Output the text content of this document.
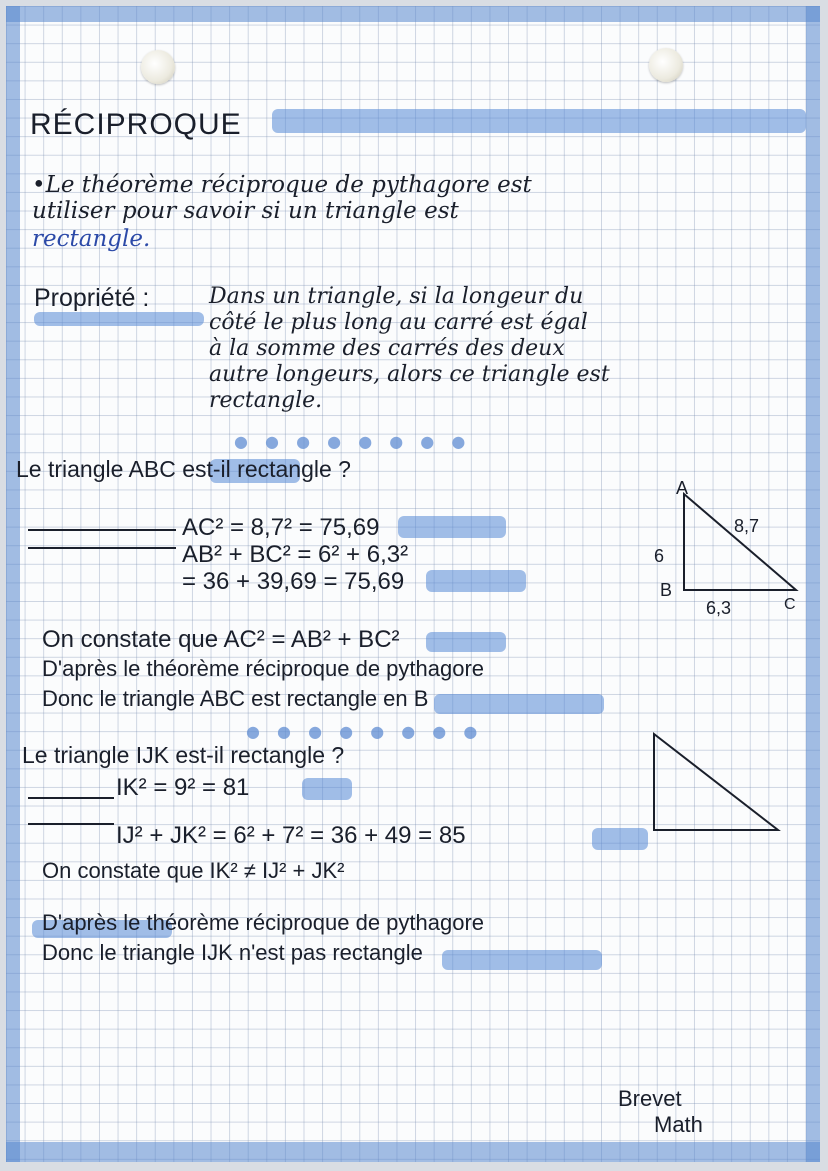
RÉCIPROQUE
•Le théorème réciproque de pythagore est
utiliser pour savoir si un triangle est
rectangle.
Propriété :	Dans un triangle, si la longeur du
côté le plus long au carré est égal
à la somme des carrés des deux
autre longeurs, alors ce triangle est
rectangle.
● ● ● ● ● ● ● ●
Le triangle ABC est-il rectangle ?
AC² = 8,7² = 75,69
AB² + BC² = 6² + 6,3²
= 36 + 39,69 = 75,69
A
B
C
6
8,7
6,3
On constate que AC² = AB² + BC²
D'après le théorème réciproque de pythagore
Donc le triangle ABC est rectangle en B
● ● ● ● ● ● ● ●
Le triangle IJK est-il rectangle ?
IK² = 9² = 81
IJ² + JK² = 6² + 7² = 36 + 49 = 85
On constate que IK² ≠ IJ² + JK²
D'après le théorème réciproque de pythagore
Donc le triangle IJK n'est pas rectangle
Brevet
Math
